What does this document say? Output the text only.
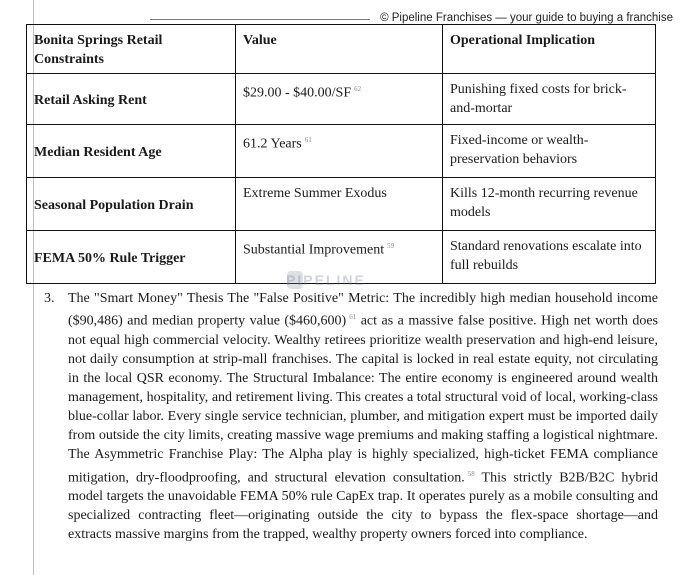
© Pipeline Franchises — your guide to buying a franchise
Bonita Springs Retail Constraints	Value	Operational Implication
Retail Asking Rent	$29.00 - $40.00/SF $^{62}$	Punishing fixed costs for brick-and-mortar
Median Resident Age	61.2 Years $^{61}$	Fixed-income or wealth-preservation behaviors
Seasonal Population Drain	Extreme Summer Exodus	Kills 12-month recurring revenue models
FEMA 50% Rule Trigger	Substantial Improvement $^{59}$	Standard renovations escalate into full rebuilds
PIPELINE
3. The "Smart Money" Thesis The "False Positive" Metric: The incredibly high median household income ($90,486) and median property value ($460,600) $^{61}$ act as a massive false positive. High net worth does not equal high commercial velocity. Wealthy retirees prioritize wealth preservation and high-end leisure, not daily consumption at strip-mall franchises. The capital is locked in real estate equity, not circulating in the local QSR economy. The Structural Imbalance: The entire economy is engineered around wealth management, hospitality, and retirement living. This creates a total structural void of local, working-class blue-collar labor. Every single service technician, plumber, and mitigation expert must be imported daily from outside the city limits, creating massive wage premiums and making staffing a logistical nightmare. The Asymmetric Franchise Play: The Alpha play is highly specialized, high-ticket FEMA compliance mitigation, dry-floodproofing, and structural elevation consultation. $^{58}$ This strictly B2B/B2C hybrid model targets the unavoidable FEMA 50% rule CapEx trap. It operates purely as a mobile consulting and specialized contracting fleet—originating outside the city to bypass the flex-space shortage—and extracts massive margins from the trapped, wealthy property owners forced into compliance.
